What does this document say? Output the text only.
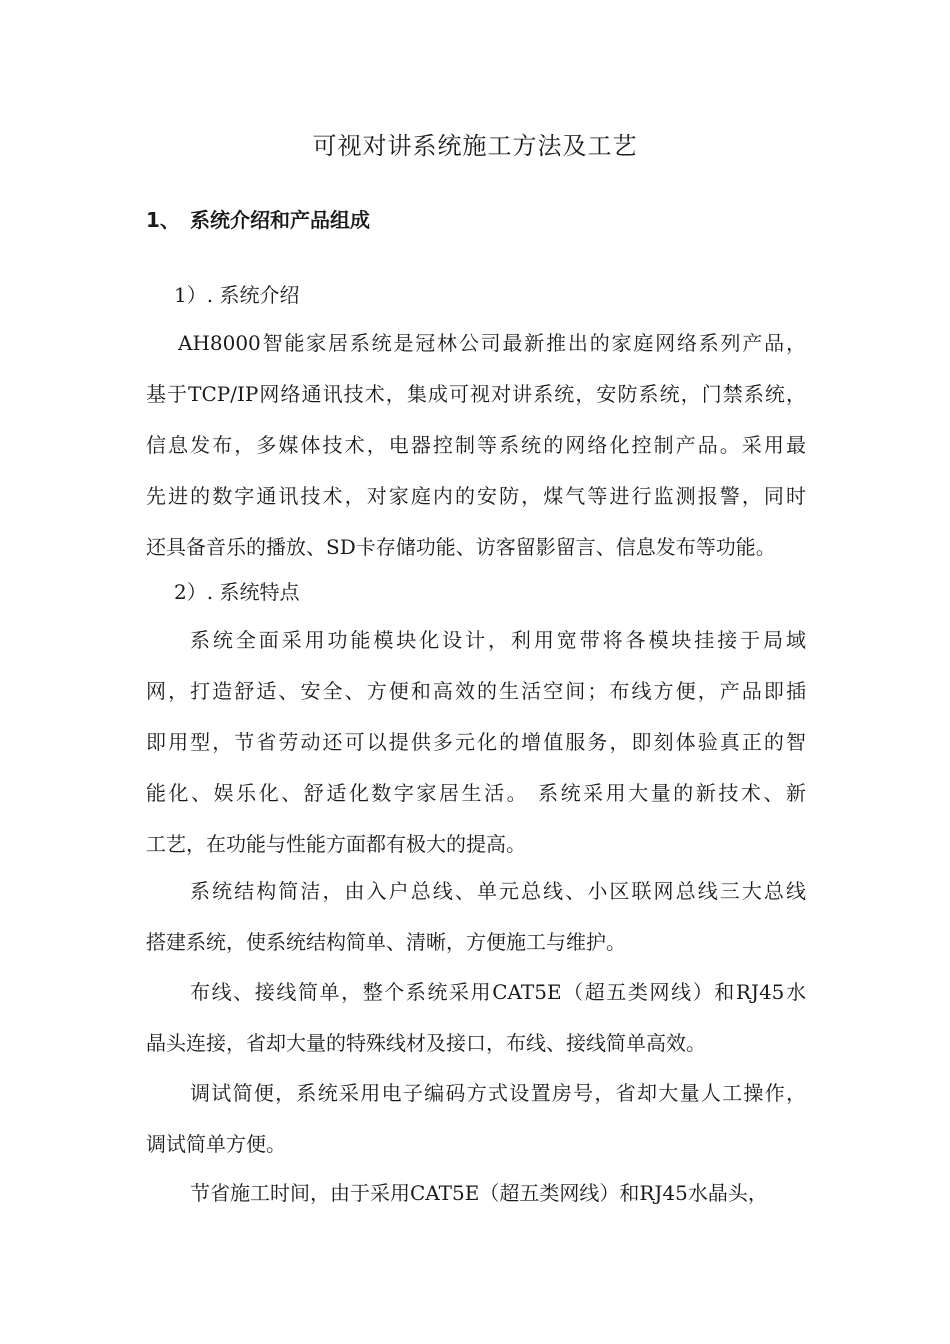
可视对讲系统施工方法及工艺
1、 系统介绍和产品组成
1）. 系统介绍
AH8000智能家居系统是冠林公司最新推出的家庭网络系列产品，
基于TCP/IP网络通讯技术，集成可视对讲系统，安防系统，门禁系统，
信息发布，多媒体技术，电器控制等系统的网络化控制产品。采用最
先进的数字通讯技术，对家庭内的安防，煤气等进行监测报警，同时
还具备音乐的播放、SD卡存储功能、访客留影留言、信息发布等功能。
2）. 系统特点
系统全面采用功能模块化设计，利用宽带将各模块挂接于局域
网，打造舒适、安全、方便和高效的生活空间；布线方便，产品即插
即用型，节省劳动还可以提供多元化的增值服务，即刻体验真正的智
能化、娱乐化、舒适化数字家居生活。 系统采用大量的新技术、新
工艺，在功能与性能方面都有极大的提高。
系统结构简洁，由入户总线、单元总线、小区联网总线三大总线
搭建系统，使系统结构简单、清晰，方便施工与维护。
布线、接线简单，整个系统采用CAT5E（超五类网线）和RJ45水
晶头连接，省却大量的特殊线材及接口，布线、接线简单高效。
调试简便，系统采用电子编码方式设置房号，省却大量人工操作，
调试简单方便。
节省施工时间，由于采用CAT5E（超五类网线）和RJ45水晶头，
